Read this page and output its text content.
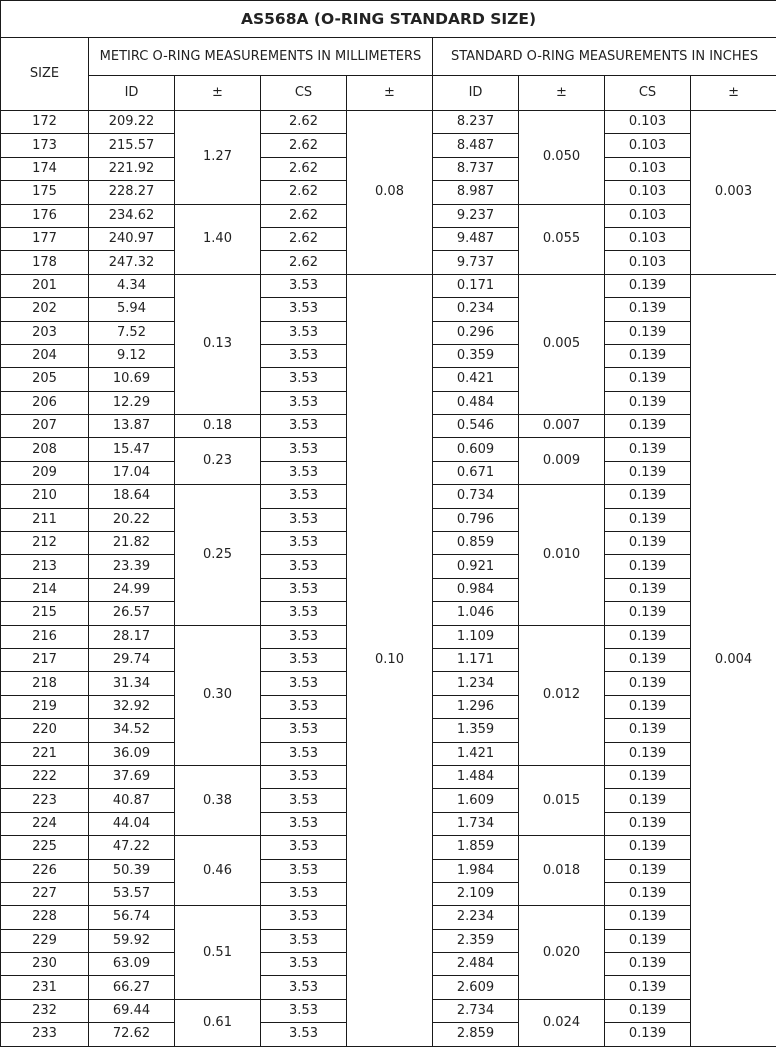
AS568A (O-RING STANDARD SIZE)								
SIZE	METIRC O-RING MEASUREMENTS IN MILLIMETERS				STANDARD O-RING MEASUREMENTS IN INCHES			
	ID	±	CS	±	ID	±	CS	±
172	209.22	1.27	2.62	0.08	8.237	0.050	0.103	0.003
173	215.57		2.62		8.487		0.103	
174	221.92		2.62		8.737		0.103	
175	228.27		2.62		8.987		0.103	
176	234.62	1.40	2.62		9.237	0.055	0.103	
177	240.97		2.62		9.487		0.103	
178	247.32		2.62		9.737		0.103	
201	4.34	0.13	3.53	0.10	0.171	0.005	0.139	0.004
202	5.94		3.53		0.234		0.139	
203	7.52		3.53		0.296		0.139	
204	9.12		3.53		0.359		0.139	
205	10.69		3.53		0.421		0.139	
206	12.29		3.53		0.484		0.139	
207	13.87	0.18	3.53		0.546	0.007	0.139	
208	15.47	0.23	3.53		0.609	0.009	0.139	
209	17.04		3.53		0.671		0.139	
210	18.64	0.25	3.53		0.734	0.010	0.139	
211	20.22		3.53		0.796		0.139	
212	21.82		3.53		0.859		0.139	
213	23.39		3.53		0.921		0.139	
214	24.99		3.53		0.984		0.139	
215	26.57		3.53		1.046		0.139	
216	28.17	0.30	3.53		1.109	0.012	0.139	
217	29.74		3.53		1.171		0.139	
218	31.34		3.53		1.234		0.139	
219	32.92		3.53		1.296		0.139	
220	34.52		3.53		1.359		0.139	
221	36.09		3.53		1.421		0.139	
222	37.69	0.38	3.53		1.484	0.015	0.139	
223	40.87		3.53		1.609		0.139	
224	44.04		3.53		1.734		0.139	
225	47.22	0.46	3.53		1.859	0.018	0.139	
226	50.39		3.53		1.984		0.139	
227	53.57		3.53		2.109		0.139	
228	56.74	0.51	3.53		2.234	0.020	0.139	
229	59.92		3.53		2.359		0.139	
230	63.09		3.53		2.484		0.139	
231	66.27		3.53		2.609		0.139	
232	69.44	0.61	3.53		2.734	0.024	0.139	
233	72.62		3.53		2.859		0.139	
